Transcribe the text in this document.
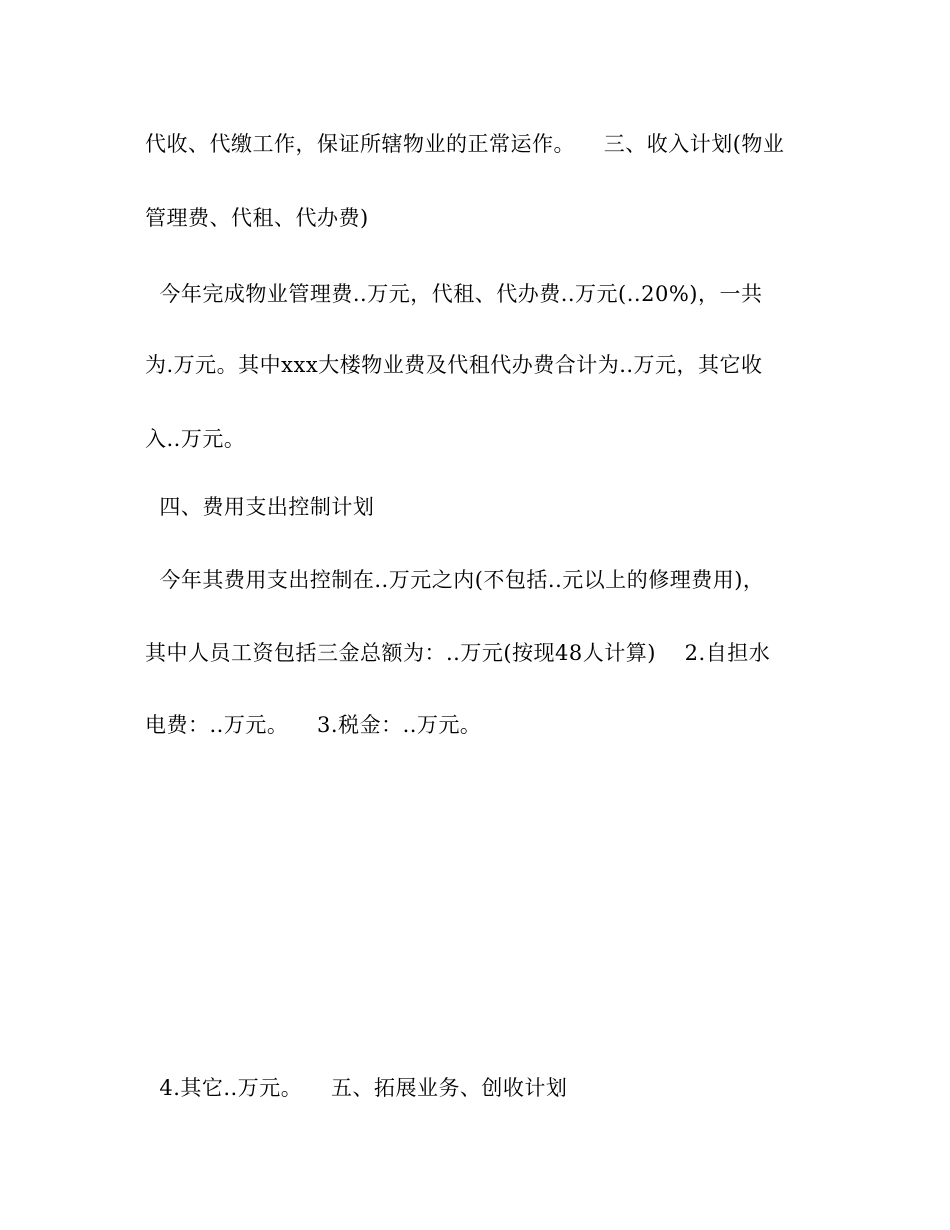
代收、代缴工作，保证所辖物业的正常运作。    三、收入计划(物业
管理费、代租、代办费)
今年完成物业管理费..万元，代租、代办费..万元(..20%)，一共
为.万元。其中xxx大楼物业费及代租代办费合计为..万元，其它收
入..万元。
四、费用支出控制计划
今年其费用支出控制在..万元之内(不包括..元以上的修理费用)，
其中人员工资包括三金总额为：..万元(按现48人计算)    2.自担水
电费：..万元。    3.税金：..万元。
4.其它..万元。    五、拓展业务、创收计划
